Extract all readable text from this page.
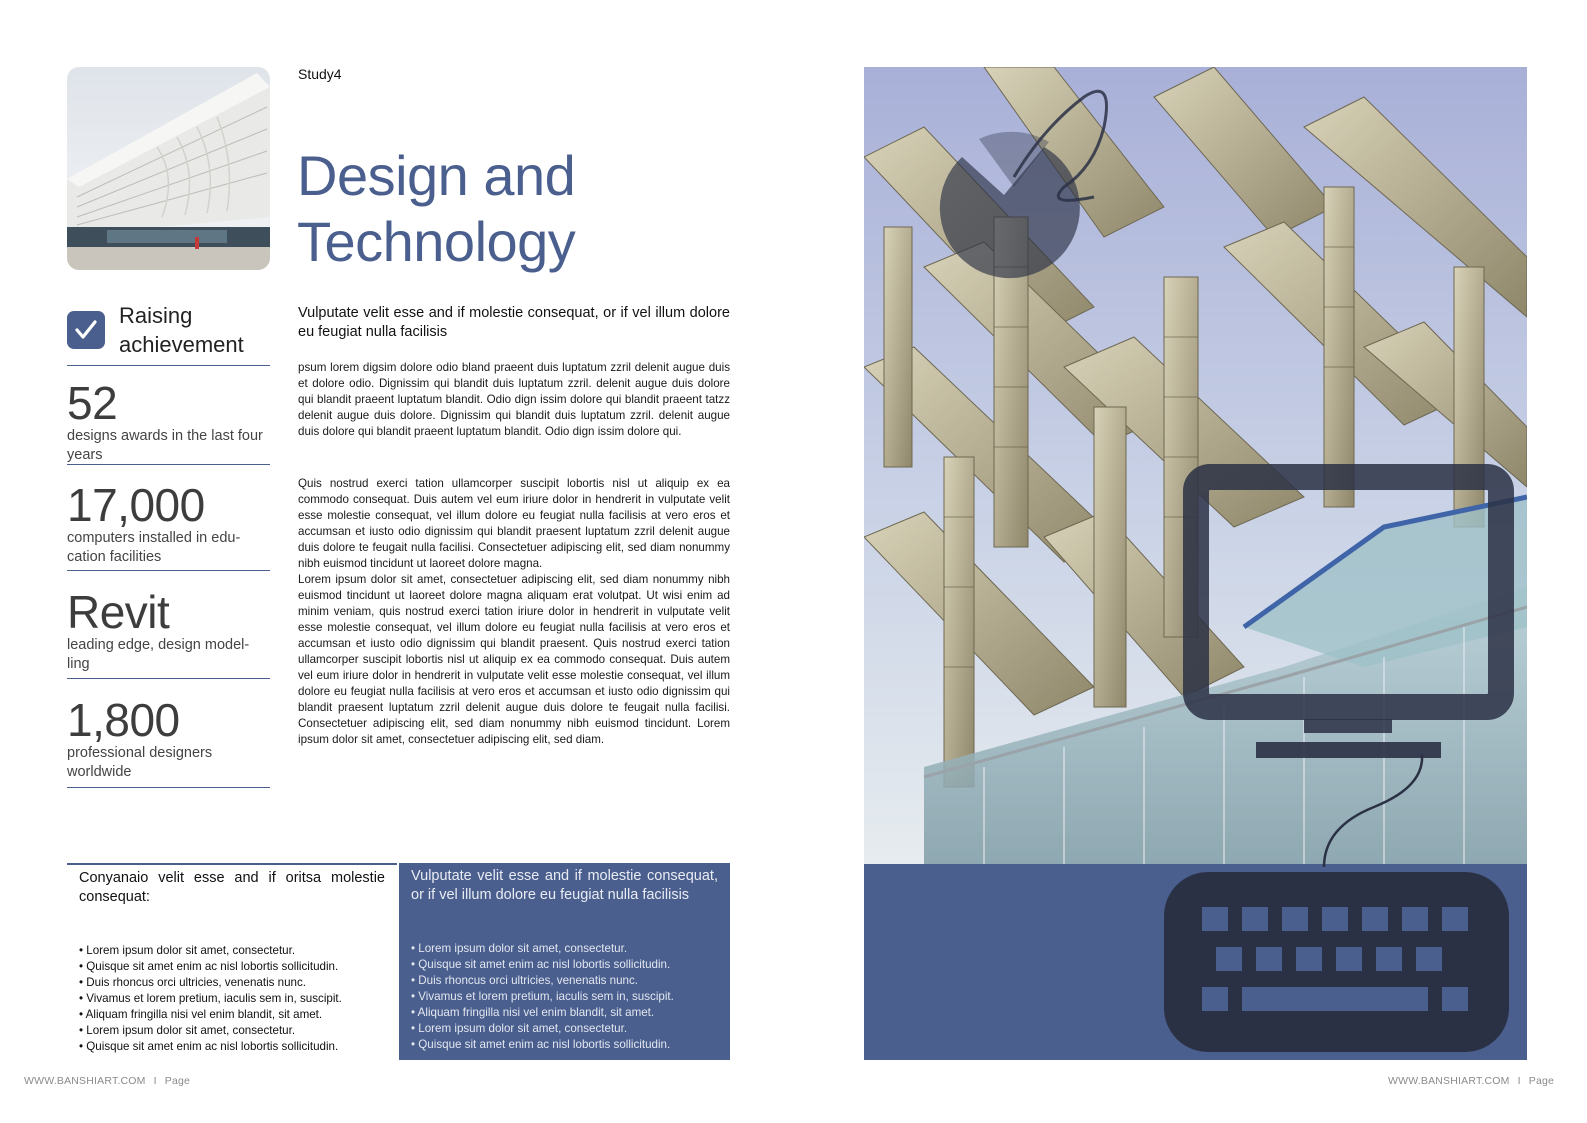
Study4
Design and
Technology
Vulputate velit esse and if molestie consequat, or if vel illum dolore eu feugiat nulla facilisis
psum lorem digsim dolore odio bland praeent duis luptatum zzril delenit augue duis et dolore odio. Dignissim qui blandit duis luptatum zzril. delenit augue duis dolore qui blandit praeent luptatum blandit. Odio dign issim dolore qui blandit praeent tatzz delenit augue duis dolore. Dignissim qui blandit duis luptatum zzril. delenit augue duis dolore qui blandit praeent luptatum blandit. Odio dign issim dolore qui.

Quis nostrud exerci tation ullamcorper suscipit lobortis nisl ut aliquip ex ea commodo consequat. Duis autem vel eum iriure dolor in hendrerit in vulputate velit esse molestie consequat, vel illum dolore eu feugiat nulla facilisis at vero eros et accumsan et iusto odio dignissim qui blandit praesent luptatum zzril delenit augue duis dolore te feugait nulla facilisi. Consectetuer adipiscing elit, sed diam nonummy nibh euismod tincidunt ut laoreet dolore magna.

Lorem ipsum dolor sit amet, consectetuer adipiscing elit, sed diam nonummy nibh euismod tincidunt ut laoreet dolore magna aliquam erat volutpat. Ut wisi enim ad minim veniam, quis nostrud exerci tation iriure dolor in hendrerit in vulputate velit esse molestie consequat, vel illum dolore eu feugiat nulla facilisis at vero eros et accumsan et iusto odio dignissim qui blandit praesent. Quis nostrud exerci tation ullamcorper suscipit lobortis nisl ut aliquip ex ea commodo consequat. Duis autem vel eum iriure dolor in hendrerit in vulputate velit esse molestie consequat, vel illum dolore eu feugiat nulla facilisis at vero eros et accumsan et iusto odio dignissim qui blandit praesent luptatum zzril delenit augue duis dolore te feugait nulla facilisi. Consectetuer adipiscing elit, sed diam nonummy nibh euismod tincidunt. Lorem ipsum dolor sit amet, consectetuer adipiscing elit, sed diam.

Raising achievement
52
designs awards in the last four years
17,000
computers installed in edu-cation facilities
Revit
leading edge, design model-ling
1,800
professional designers worldwide
Conyanaio velit esse and if oritsa molestie consequat:
• Lorem ipsum dolor sit amet, consectetur.
• Quisque sit amet enim ac nisl lobortis sollicitudin.
• Duis rhoncus orci ultricies, venenatis nunc.
• Vivamus et lorem pretium, iaculis sem in, suscipit.
• Aliquam fringilla nisi vel enim blandit, sit amet.
• Lorem ipsum dolor sit amet, consectetur.
• Quisque sit amet enim ac nisl lobortis sollicitudin.
Vulputate velit esse and if molestie consequat, or if vel illum dolore eu feugiat nulla facilisis
• Lorem ipsum dolor sit amet, consectetur.
• Quisque sit amet enim ac nisl lobortis sollicitudin.
• Duis rhoncus orci ultricies, venenatis nunc.
• Vivamus et lorem pretium, iaculis sem in, suscipit.
• Aliquam fringilla nisi vel enim blandit, sit amet.
• Lorem ipsum dolor sit amet, consectetur.
• Quisque sit amet enim ac nisl lobortis sollicitudin.
WWW.BANSHIART.COM I Page	WWW.BANSHIART.COM I Page
